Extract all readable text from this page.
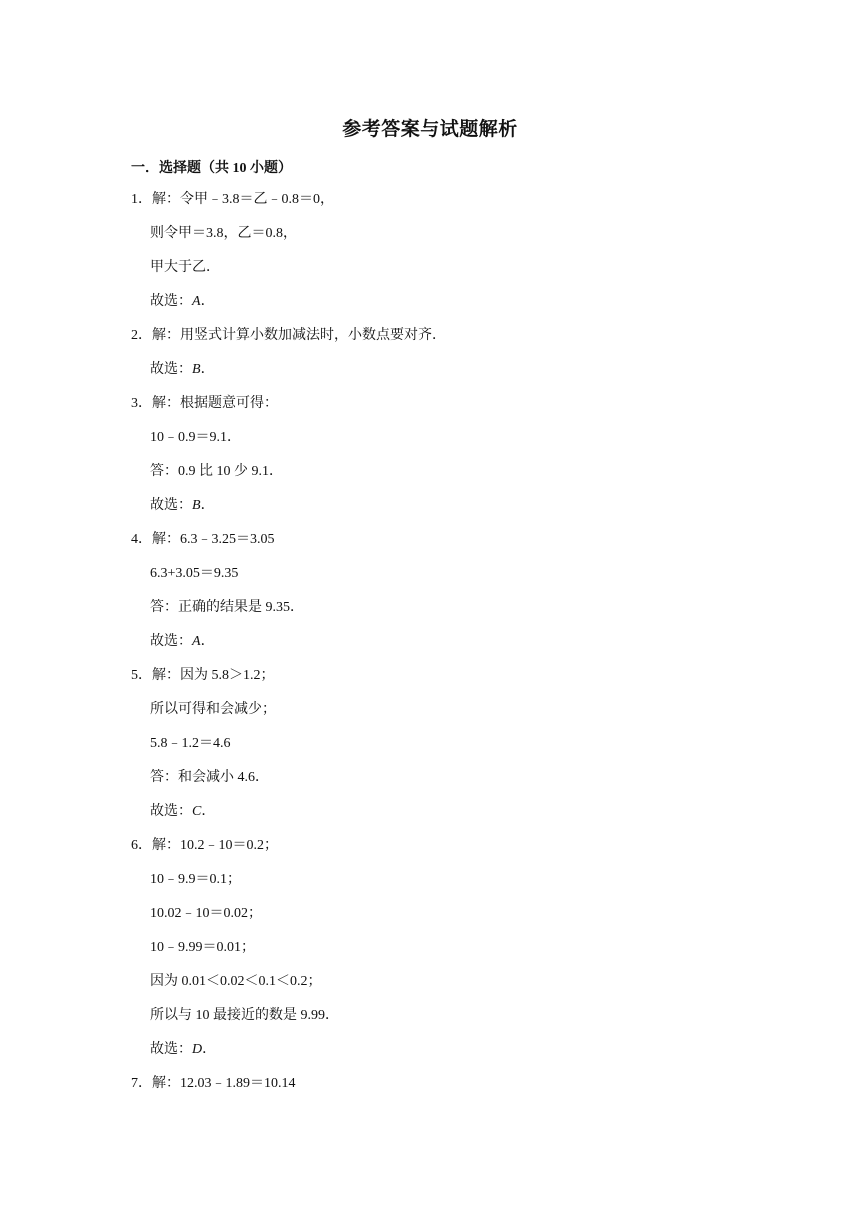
参考答案与试题解析
一．选择题（共 10 小题）
1．解：令甲﹣3.8＝乙﹣0.8＝0，
则令甲＝3.8，乙＝0.8，
甲大于乙．
故选：A．
2．解：用竖式计算小数加减法时，小数点要对齐．
故选：B．
3．解：根据题意可得：
10﹣0.9＝9.1．
答：0.9 比 10 少 9.1．
故选：B．
4．解：6.3﹣3.25＝3.05
6.3+3.05＝9.35
答：正确的结果是 9.35．
故选：A．
5．解：因为 5.8＞1.2；
所以可得和会减少；
5.8﹣1.2＝4.6
答：和会减小 4.6．
故选：C．
6．解：10.2﹣10＝0.2；
10﹣9.9＝0.1；
10.02﹣10＝0.02；
10﹣9.99＝0.01；
因为 0.01＜0.02＜0.1＜0.2；
所以与 10 最接近的数是 9.99．
故选：D．
7．解：12.03﹣1.89＝10.14
